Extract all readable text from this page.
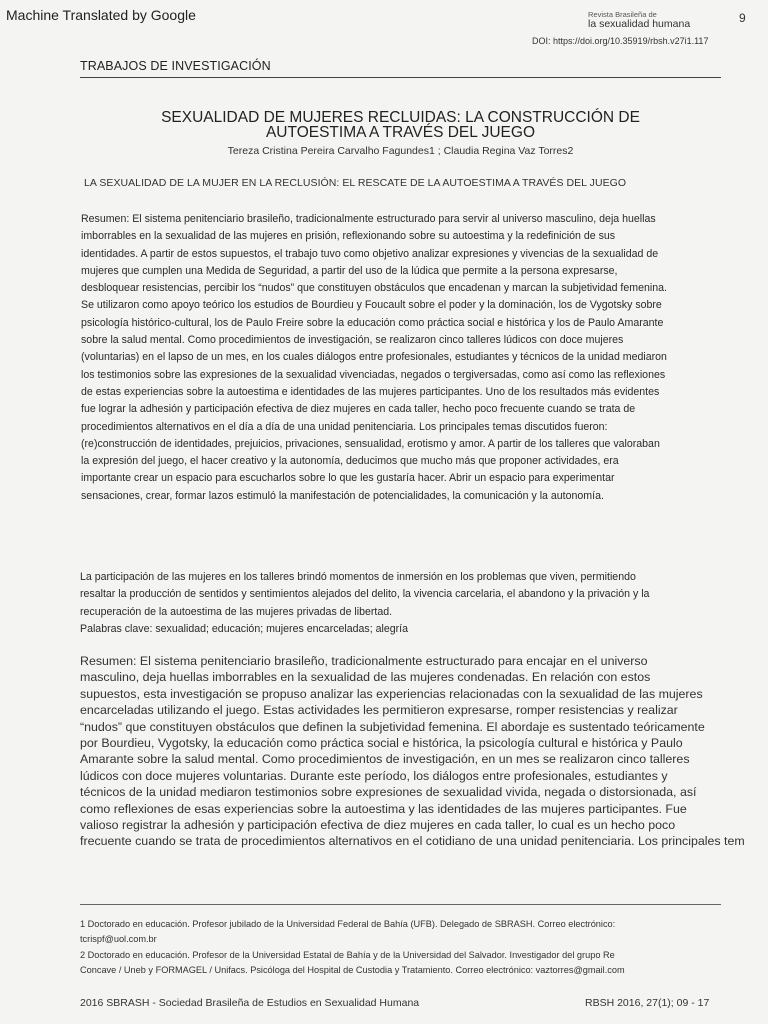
Machine Translated by Google	Revista Brasileña de
la sexualidad humana	9
DOI: https://doi.org/10.35919/rbsh.v27i1.117
TRABAJOS DE INVESTIGACIÓN
SEXUALIDAD DE MUJERES RECLUIDAS: LA CONSTRUCCIÓN DE
AUTOESTIMA A TRAVÉS DEL JUEGO
Tereza Cristina Pereira Carvalho Fagundes1 ; Claudia Regina Vaz Torres2
LA SEXUALIDAD DE LA MUJER EN LA RECLUSIÓN: EL RESCATE DE LA AUTOESTIMA A TRAVÉS DEL JUEGO
Resumen: El sistema penitenciario brasileño, tradicionalmente estructurado para servir al universo masculino, deja huellas
imborrables en la sexualidad de las mujeres en prisión, reflexionando sobre su autoestima y la redefinición de sus
identidades. A partir de estos supuestos, el trabajo tuvo como objetivo analizar expresiones y vivencias de la sexualidad de
mujeres que cumplen una Medida de Seguridad, a partir del uso de la lúdica que permite a la persona expresarse,
desbloquear resistencias, percibir los “nudos” que constituyen obstáculos que encadenan y marcan la subjetividad femenina.
Se utilizaron como apoyo teórico los estudios de Bourdieu y Foucault sobre el poder y la dominación, los de Vygotsky sobre
psicología histórico-cultural, los de Paulo Freire sobre la educación como práctica social e histórica y los de Paulo Amarante
sobre la salud mental. Como procedimientos de investigación, se realizaron cinco talleres lúdicos con doce mujeres
(voluntarias) en el lapso de un mes, en los cuales diálogos entre profesionales, estudiantes y técnicos de la unidad mediaron
los testimonios sobre las expresiones de la sexualidad vivenciadas, negados o tergiversadas, como así como las reflexiones
de estas experiencias sobre la autoestima e identidades de las mujeres participantes. Uno de los resultados más evidentes
fue lograr la adhesión y participación efectiva de diez mujeres en cada taller, hecho poco frecuente cuando se trata de
procedimientos alternativos en el día a día de una unidad penitenciaria. Los principales temas discutidos fueron:
(re)construcción de identidades, prejuicios, privaciones, sensualidad, erotismo y amor. A partir de los talleres que valoraban
la expresión del juego, el hacer creativo y la autonomía, deducimos que mucho más que proponer actividades, era
importante crear un espacio para escucharlos sobre lo que les gustaría hacer. Abrir un espacio para experimentar
sensaciones, crear, formar lazos estimuló la manifestación de potencialidades, la comunicación y la autonomía.
La participación de las mujeres en los talleres brindó momentos de inmersión en los problemas que viven, permitiendo
resaltar la producción de sentidos y sentimientos alejados del delito, la vivencia carcelaria, el abandono y la privación y la
recuperación de la autoestima de las mujeres privadas de libertad.
Palabras clave: sexualidad; educación; mujeres encarceladas; alegría
Resumen: El sistema penitenciario brasileño, tradicionalmente estructurado para encajar en el universo
masculino, deja huellas imborrables en la sexualidad de las mujeres condenadas. En relación con estos
supuestos, esta investigación se propuso analizar las experiencias relacionadas con la sexualidad de las mujeres
encarceladas utilizando el juego. Estas actividades les permitieron expresarse, romper resistencias y realizar
“nudos” que constituyen obstáculos que definen la subjetividad femenina. El abordaje es sustentado teóricamente
por Bourdieu, Vygotsky, la educación como práctica social e histórica, la psicología cultural e histórica y Paulo
Amarante sobre la salud mental. Como procedimientos de investigación, en un mes se realizaron cinco talleres
lúdicos con doce mujeres voluntarias. Durante este período, los diálogos entre profesionales, estudiantes y
técnicos de la unidad mediaron testimonios sobre expresiones de sexualidad vivida, negada o distorsionada, así
como reflexiones de esas experiencias sobre la autoestima y las identidades de las mujeres participantes. Fue
valioso registrar la adhesión y participación efectiva de diez mujeres en cada taller, lo cual es un hecho poco
frecuente cuando se trata de procedimientos alternativos en el cotidiano de una unidad penitenciaria. Los principales tem
1 Doctorado en educación. Profesor jubilado de la Universidad Federal de Bahía (UFB). Delegado de SBRASH. Correo electrónico:
tcrispf@uol.com.br
2 Doctorado en educación. Profesor de la Universidad Estatal de Bahía y de la Universidad del Salvador. Investigador del grupo Re
Concave / Uneb y FORMAGEL / Unifacs. Psicóloga del Hospital de Custodia y Tratamiento. Correo electrónico: vaztorres@gmail.com
2016 SBRASH - Sociedad Brasileña de Estudios en Sexualidad Humana	RBSH 2016, 27(1); 09 - 17
